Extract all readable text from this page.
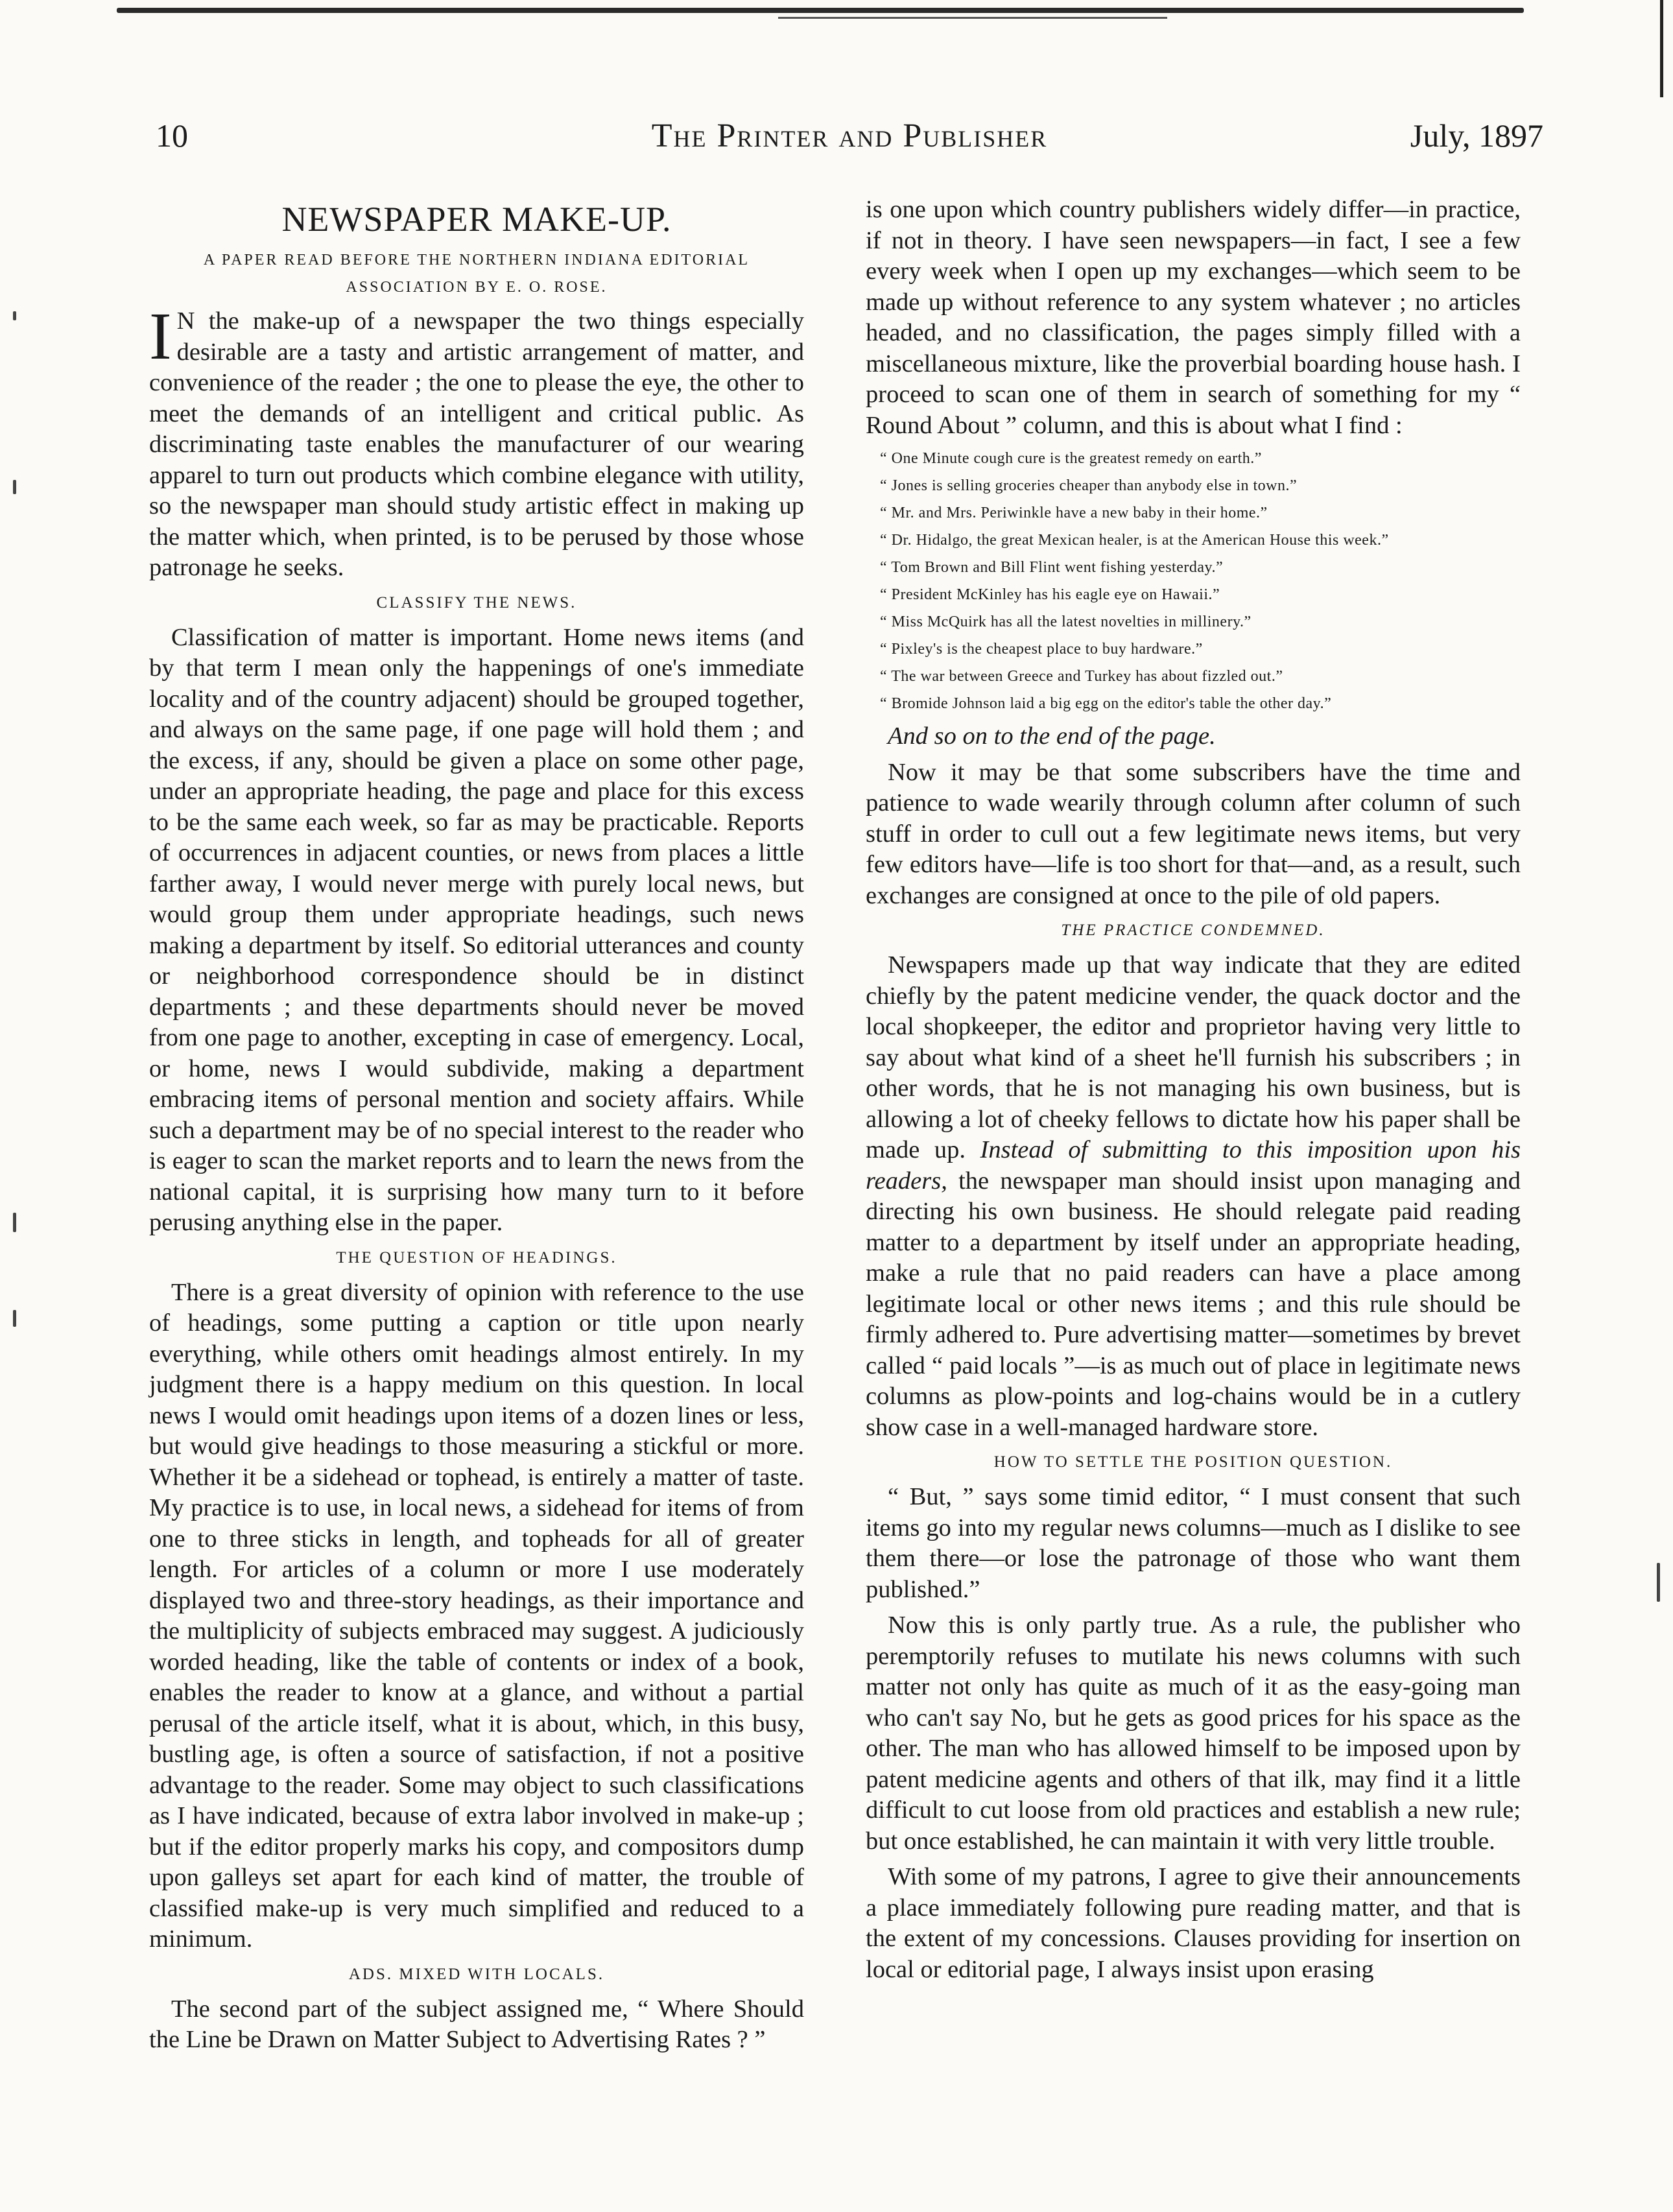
10	The Printer and Publisher	July, 1897
NEWSPAPER MAKE-UP.
A PAPER READ BEFORE THE NORTHERN INDIANA EDITORIAL ASSOCIATION BY E. O. ROSE.

I N the make-up of a newspaper the two things especially desirable are a tasty and artistic arrangement of matter, and convenience of the reader ; the one to please the eye, the other to meet the demands of an intelligent and critical public. As discriminating taste enables the manufacturer of our wearing apparel to turn out products which combine elegance with utility, so the newspaper man should study artistic effect in making up the matter which, when printed, is to be perused by those whose patronage he seeks.

CLASSIFY THE NEWS.

Classification of matter is important. Home news items (and by that term I mean only the happenings of one's immediate locality and of the country adjacent) should be grouped together, and always on the same page, if one page will hold them ; and the excess, if any, should be given a place on some other page, under an appropriate heading, the page and place for this excess to be the same each week, so far as may be practicable. Reports of occurrences in adjacent counties, or news from places a little farther away, I would never merge with purely local news, but would group them under appropriate headings, such news making a department by itself. So editorial utterances and county or neighborhood correspondence should be in distinct departments ; and these departments should never be moved from one page to another, excepting in case of emergency. Local, or home, news I would subdivide, making a department embracing items of personal mention and society affairs. While such a department may be of no special interest to the reader who is eager to scan the market reports and to learn the news from the national capital, it is surprising how many turn to it before perusing anything else in the paper.

THE QUESTION OF HEADINGS.

There is a great diversity of opinion with reference to the use of headings, some putting a caption or title upon nearly everything, while others omit headings almost entirely. In my judgment there is a happy medium on this question. In local news I would omit headings upon items of a dozen lines or less, but would give headings to those measuring a stickful or more. Whether it be a sidehead or tophead, is entirely a matter of taste. My practice is to use, in local news, a sidehead for items of from one to three sticks in length, and topheads for all of greater length. For articles of a column or more I use moderately displayed two and three-story headings, as their importance and the multiplicity of subjects embraced may suggest. A judiciously worded heading, like the table of contents or index of a book, enables the reader to know at a glance, and without a partial perusal of the article itself, what it is about, which, in this busy, bustling age, is often a source of satisfaction, if not a positive advantage to the reader. Some may object to such classifications as I have indicated, because of extra labor involved in make-up ; but if the editor properly marks his copy, and compositors dump upon galleys set apart for each kind of matter, the trouble of classified make-up is very much simplified and reduced to a minimum.

ADS. MIXED WITH LOCALS.

The second part of the subject assigned me, “ Where Should the Line be Drawn on Matter Subject to Advertising Rates ? ”

is one upon which country publishers widely differ—in practice, if not in theory. I have seen newspapers—in fact, I see a few every week when I open up my exchanges—which seem to be made up without reference to any system whatever ; no articles headed, and no classification, the pages simply filled with a miscellaneous mixture, like the proverbial boarding house hash. I proceed to scan one of them in search of something for my “ Round About ” column, and this is about what I find :

“ One Minute cough cure is the greatest remedy on earth.”
“ Jones is selling groceries cheaper than anybody else in town.”
“ Mr. and Mrs. Periwinkle have a new baby in their home.”
“ Dr. Hidalgo, the great Mexican healer, is at the American House this week.”
“ Tom Brown and Bill Flint went fishing yesterday.”
“ President McKinley has his eagle eye on Hawaii.”
“ Miss McQuirk has all the latest novelties in millinery.”
“ Pixley's is the cheapest place to buy hardware.”
“ The war between Greece and Turkey has about fizzled out.”
“ Bromide Johnson laid a big egg on the editor's table the other day.”

And so on to the end of the page.

Now it may be that some subscribers have the time and patience to wade wearily through column after column of such stuff in order to cull out a few legitimate news items, but very few editors have—life is too short for that—and, as a result, such exchanges are consigned at once to the pile of old papers.

THE PRACTICE CONDEMNED.

Newspapers made up that way indicate that they are edited chiefly by the patent medicine vender, the quack doctor and the local shopkeeper, the editor and proprietor having very little to say about what kind of a sheet he'll furnish his subscribers ; in other words, that he is not managing his own business, but is allowing a lot of cheeky fellows to dictate how his paper shall be made up. Instead of submitting to this imposition upon his readers, the newspaper man should insist upon managing and directing his own business. He should relegate paid reading matter to a department by itself under an appropriate heading, make a rule that no paid readers can have a place among legitimate local or other news items ; and this rule should be firmly adhered to. Pure advertising matter—sometimes by brevet called “ paid locals ”—is as much out of place in legitimate news columns as plow-points and log-chains would be in a cutlery show case in a well-managed hardware store.

HOW TO SETTLE THE POSITION QUESTION.

“ But, ” says some timid editor, “ I must consent that such items go into my regular news columns—much as I dislike to see them there—or lose the patronage of those who want them published.”

Now this is only partly true. As a rule, the publisher who peremptorily refuses to mutilate his news columns with such matter not only has quite as much of it as the easy-going man who can't say No, but he gets as good prices for his space as the other. The man who has allowed himself to be imposed upon by patent medicine agents and others of that ilk, may find it a little difficult to cut loose from old practices and establish a new rule; but once established, he can maintain it with very little trouble.

With some of my patrons, I agree to give their announcements a place immediately following pure reading matter, and that is the extent of my concessions. Clauses providing for insertion on local or editorial page, I always insist upon erasing
